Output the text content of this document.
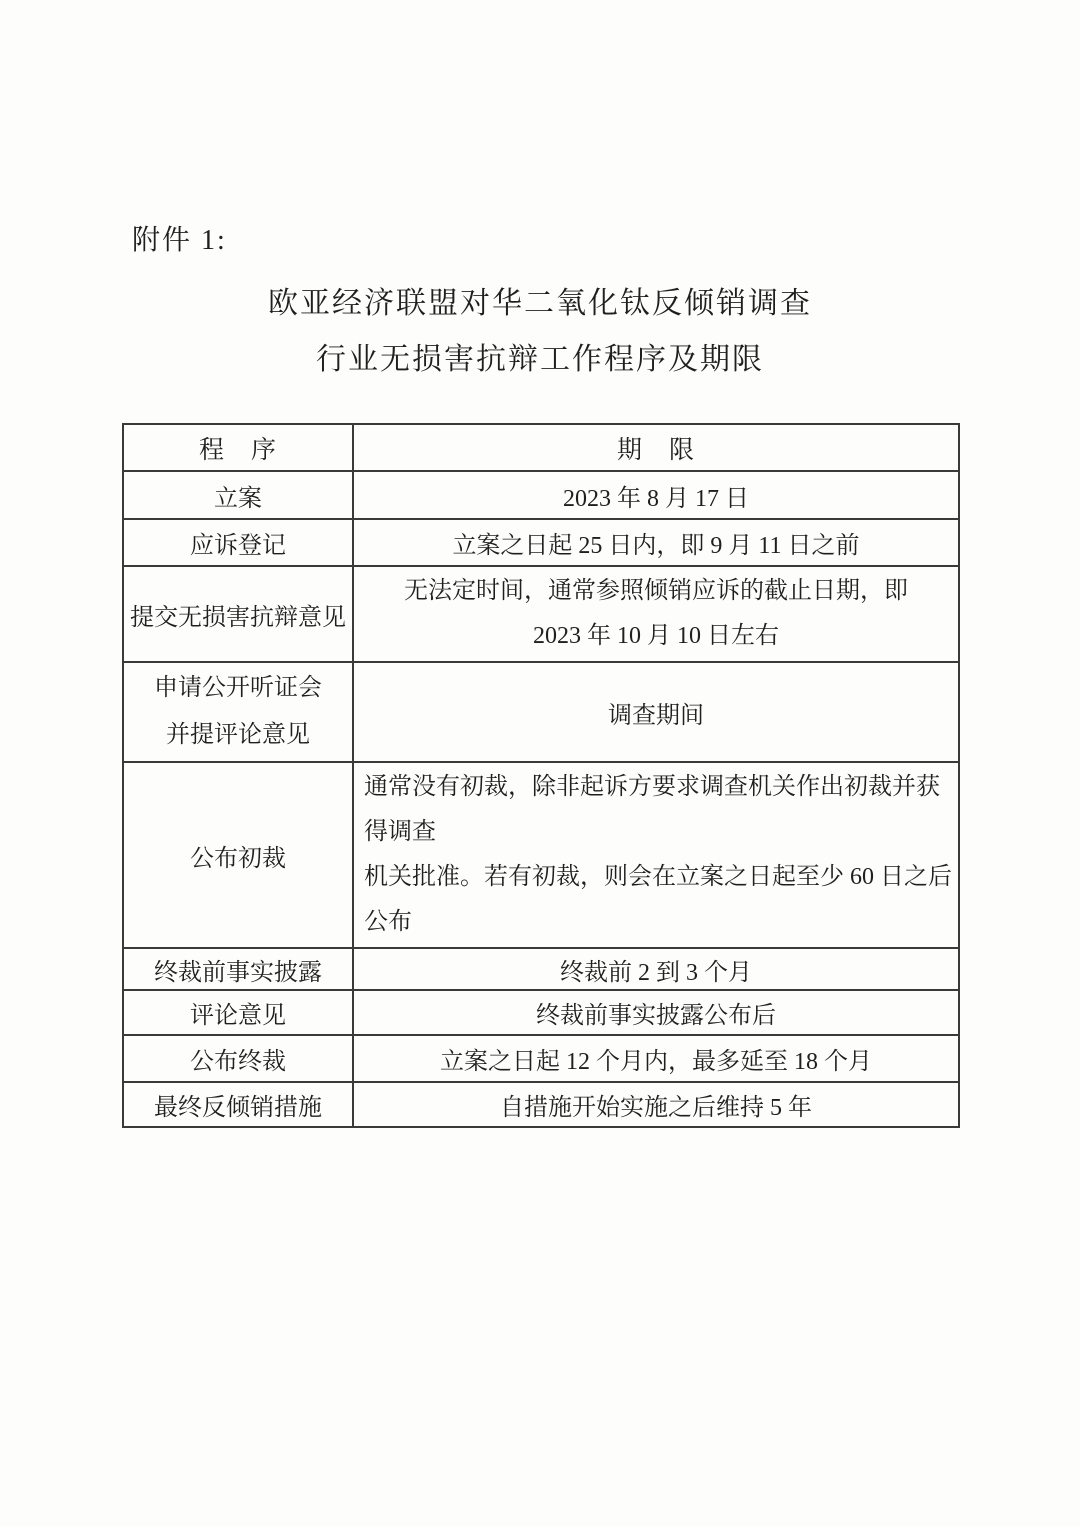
附件 1:
欧亚经济联盟对华二氧化钛反倾销调查
行业无损害抗辩工作程序及期限
程　序	期　限
立案	2023 年 8 月 17 日
应诉登记	立案之日起 25 日内，即 9 月 11 日之前
提交无损害抗辩意见	无法定时间，通常参照倾销应诉的截止日期，即
2023 年 10 月 10 日左右

申请公开听证会
并提评论意见	调查期间
公布初裁	通常没有初裁，除非起诉方要求调查机关作出初裁并获得调查
机关批准。若有初裁，则会在立案之日起至少 60 日之后公布

终裁前事实披露	终裁前 2 到 3 个月
评论意见	终裁前事实披露公布后
公布终裁	立案之日起 12 个月内，最多延至 18 个月
最终反倾销措施	自措施开始实施之后维持 5 年
